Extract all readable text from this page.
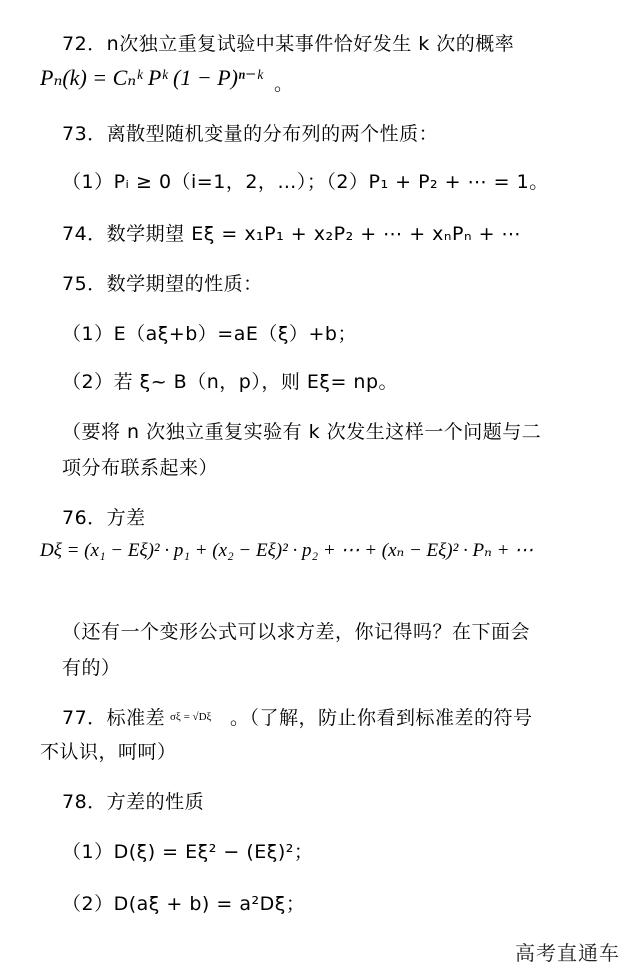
72．n次独立重复试验中某事件恰好发生 k 次的概率
Pₙ(k) = Cₙᵏ Pᵏ (1 − P)ⁿ⁻ᵏ 。
73．离散型随机变量的分布列的两个性质：
（1）Pᵢ ≥ 0（i=1，2，…）；（2）P₁ + P₂ + ⋯ = 1。
74．数学期望 Eξ = x₁P₁ + x₂P₂ + ⋯ + xₙPₙ + ⋯
75．数学期望的性质：
（1）E（aξ+b）=aE（ξ）+b；
（2）若 ξ~ B（n，p），则 Eξ= np。
（要将 n 次独立重复实验有 k 次发生这样一个问题与二
项分布联系起来）
76．方差
Dξ = (x₁ − Eξ)² · p₁ + (x₂ − Eξ)² · p₂ + ⋯ + (xₙ − Eξ)² · Pₙ + ⋯
（还有一个变形公式可以求方差，你记得吗？在下面会
有的）
77．标准差 σξ = √Dξ 。（了解，防止你看到标准差的符号
不认识，呵呵）
78．方差的性质
（1）D(ξ) = Eξ² − (Eξ)²；
（2）D(aξ + b) = a²Dξ；
高考直通车
